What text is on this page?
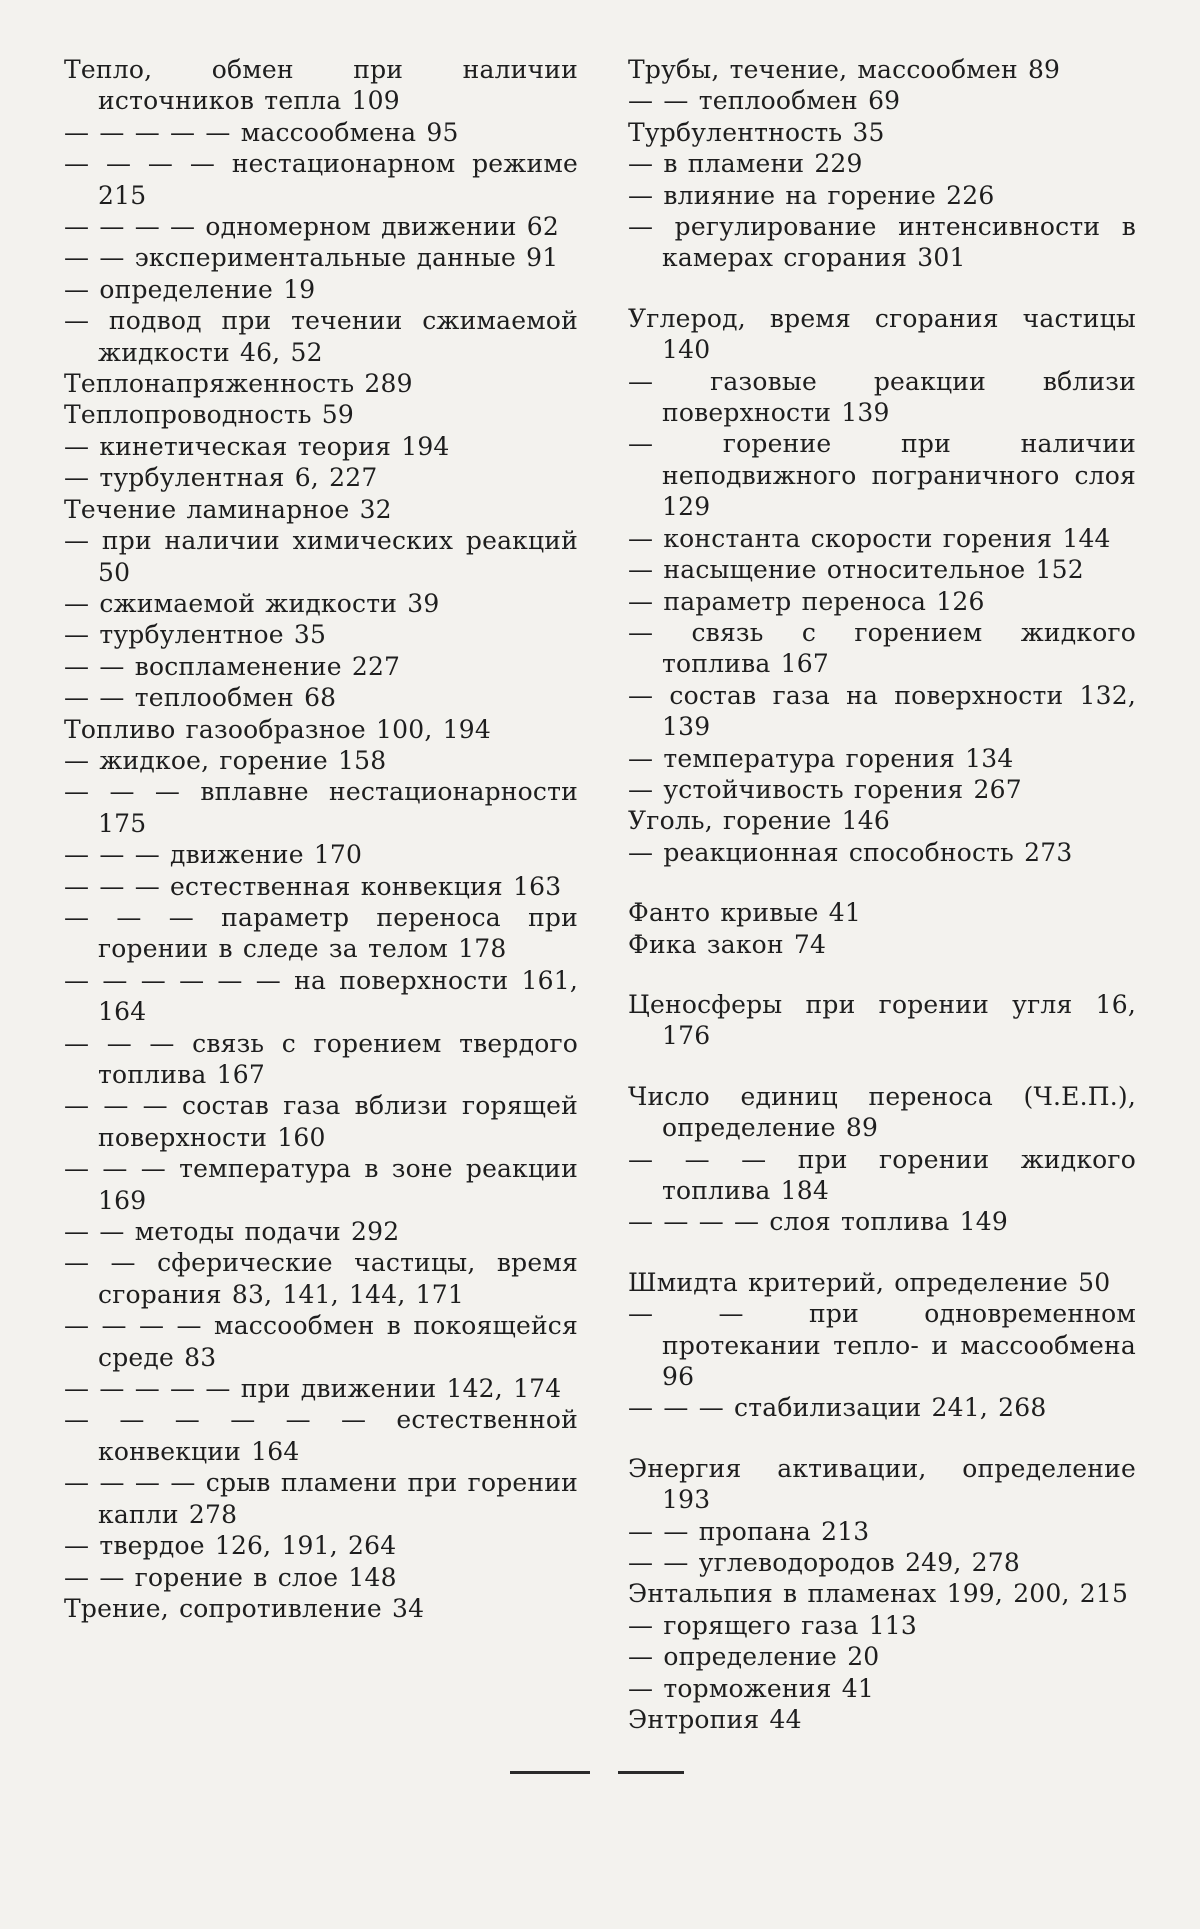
Тепло, обмен при наличии источников тепла 109
— — — — — массообмена 95
— — — — нестационарном режиме 215
— — — — одномерном движении 62
— — экспериментальные данные 91
— определение 19
— подвод при течении сжимаемой жидкости 46, 52
Теплонапряженность 289
Теплопроводность 59
— кинетическая теория 194
— турбулентная 6, 227
Течение ламинарное 32
— при наличии химических реакций 50
— сжимаемой жидкости 39
— турбулентное 35
— — воспламенение 227
— — теплообмен 68
Топливо газообразное 100, 194
— жидкое, горение 158
— — — вплавне нестационарности 175
— — — движение 170
— — — естественная конвекция 163
— — — параметр переноса при горении в следе за телом 178
— — — — — — на поверхности 161, 164
— — — связь с горением твердого топлива 167
— — — состав газа вблизи горящей поверхности 160
— — — температура в зоне реакции 169
— — методы подачи 292
— — сферические частицы, время сгорания 83, 141, 144, 171
— — — — массообмен в покоящейся среде 83
— — — — — при движении 142, 174
— — — — — — естественной конвекции 164
— — — — срыв пламени при горении капли 278
— твердое 126, 191, 264
— — горение в слое 148
Трение, сопротивление 34
Трубы, течение, массообмен 89
— — теплообмен 69
Турбулентность 35
— в пламени 229
— влияние на горение 226
— регулирование интенсивности в камерах сгорания 301
Углерод, время сгорания частицы 140
— газовые реакции вблизи поверхности 139
— горение при наличии неподвижного пограничного слоя 129
— константа скорости горения 144
— насыщение относительное 152
— параметр переноса 126
— связь с горением жидкого топлива 167
— состав газа на поверхности 132, 139
— температура горения 134
— устойчивость горения 267
Уголь, горение 146
— реакционная способность 273
Фанто кривые 41
Фика закон 74
Ценосферы при горении угля 16, 176
Число единиц переноса (Ч.Е.П.), определение 89
— — — при горении жидкого топлива 184
— — — — слоя топлива 149
Шмидта критерий, определение 50
— — при одновременном протекании тепло- и массообмена 96
— — — стабилизации 241, 268
Энергия активации, определение 193
— — пропана 213
— — углеводородов 249, 278
Энтальпия в пламенах 199, 200, 215
— горящего газа 113
— определение 20
— торможения 41
Энтропия 44
